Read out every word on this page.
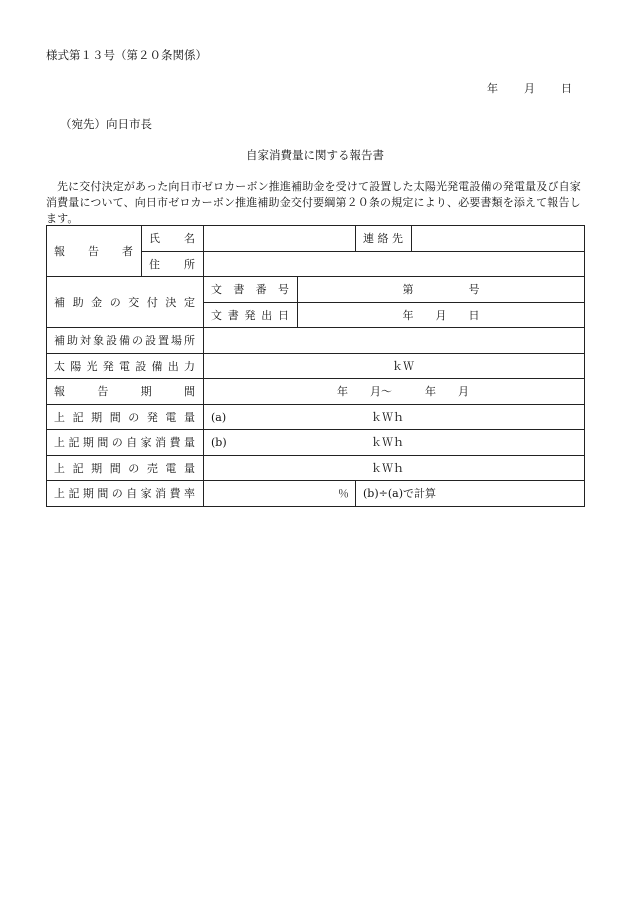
様式第１３号（第２０条関係）
年 月 日
（宛先）向日市長
自家消費量に関する報告書
先に交付決定があった向日市ゼロカーボン推進補助金を受けて設置した太陽光発電設備の発電量及び自家消費量について、向日市ゼロカーボン推進補助金交付要綱第２０条の規定により、必要書類を添えて報告します。
報　告　者	氏　名			連絡先	
	住　所				
補助金の交付決定		文書番号	第　　　　　号		
		文書発出日	年　　月　　日		
補助対象設備の設置場所					
太陽光発電設備出力		ｋＷ			
報告期間		年　　月～　　　年　　月			
上記期間の発電量		(a) ｋＷｈ			
上記期間の自家消費量		(b) ｋＷｈ			
上記期間の売電量		ｋＷｈ			
上記期間の自家消費率		％		(b)÷(a)で計算	
